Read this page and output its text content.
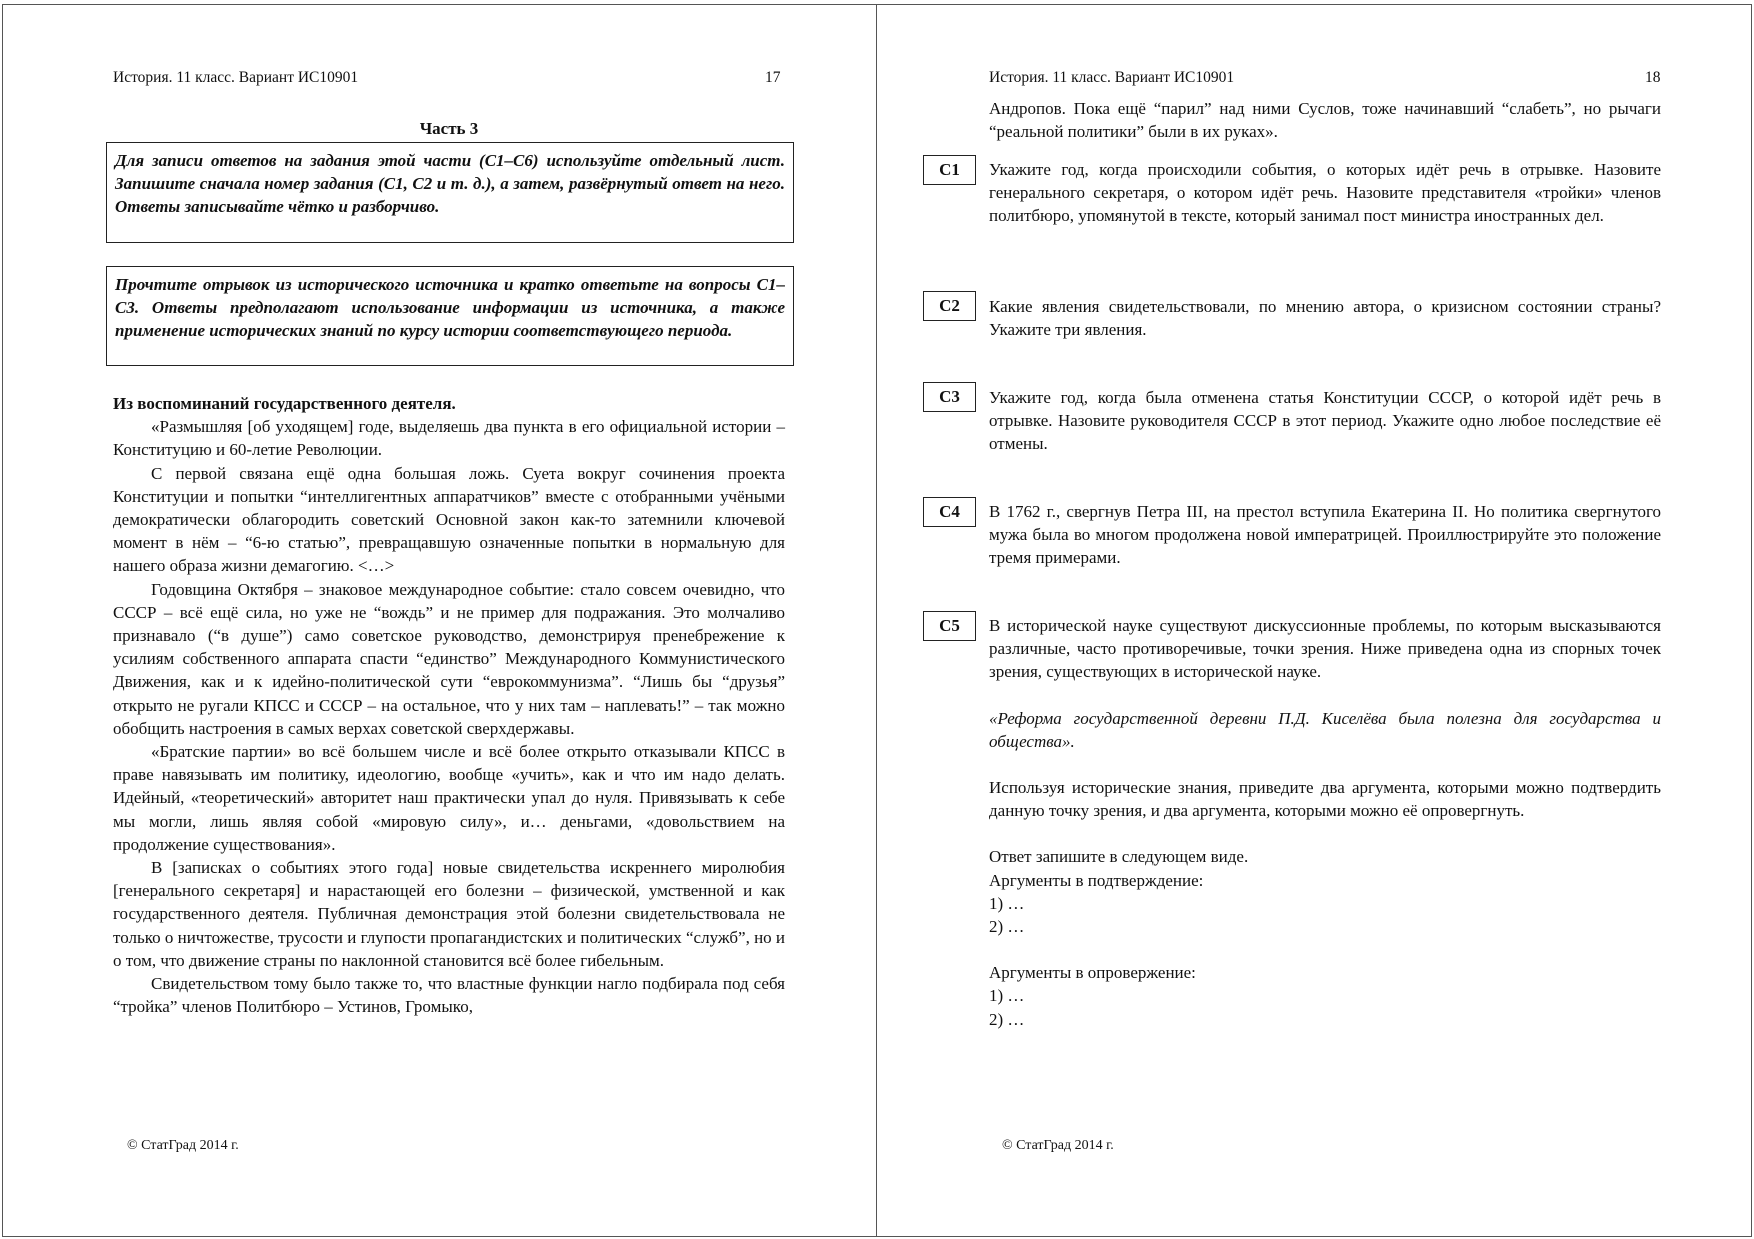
История. 11 класс. Вариант ИС10901	17
Часть 3
Для записи ответов на задания этой части (С1–С6) используйте отдельный лист. Запишите сначала номер задания (С1, С2 и т. д.), а затем, развёрнутый ответ на него. Ответы записывайте чётко и разборчиво.
Прочтите отрывок из исторического источника и кратко ответьте на вопросы С1–С3. Ответы предполагают использование информации из источника, а также применение исторических знаний по курсу истории соответствующего периода.

Из воспоминаний государственного деятеля.

«Размышляя [об уходящем] годе, выделяешь два пункта в его официальной истории – Конституцию и 60-летие Революции.

С первой связана ещё одна большая ложь. Суета вокруг сочинения проекта Конституции и попытки “интеллигентных аппаратчиков” вместе с отобранными учёными демократически облагородить советский Основной закон как-то затемнили ключевой момент в нём – “6-ю статью”, превращавшую означенные попытки в нормальную для нашего образа жизни демагогию. <…>

Годовщина Октября – знаковое международное событие: стало совсем очевидно, что СССР – всё ещё сила, но уже не “вождь” и не пример для подражания. Это молчаливо признавало (“в душе”) само советское руководство, демонстрируя пренебрежение к усилиям собственного аппарата спасти “единство” Международного Коммунистического Движения, как и к идейно-политической сути “еврокоммунизма”. “Лишь бы “друзья” открыто не ругали КПСС и СССР – на остальное, что у них там – наплевать!” – так можно обобщить настроения в самых верхах советской сверхдержавы.

«Братские партии» во всё большем числе и всё более открыто отказывали КПСС в праве навязывать им политику, идеологию, вообще «учить», как и что им надо делать. Идейный, «теоретический» авторитет наш практически упал до нуля. Привязывать к себе мы могли, лишь являя собой «мировую силу», и… деньгами, «довольствием на продолжение существования».

В [записках о событиях этого года] новые свидетельства искреннего миролюбия [генерального секретаря] и нарастающей его болезни – физической, умственной и как государственного деятеля. Публичная демонстрация этой болезни свидетельствовала не только о ничтожестве, трусости и глупости пропагандистских и политических “служб”, но и о том, что движение страны по наклонной становится всё более гибельным.

Свидетельством тому было также то, что властные функции нагло подбирала под себя “тройка” членов Политбюро – Устинов, Громыко,

© СтатГрад 2014 г.
История. 11 класс. Вариант ИС10901	18
Андропов. Пока ещё “парил” над ними Суслов, тоже начинавший “слабеть”, но рычаги “реальной политики” были в их руках».
С1	Укажите год, когда происходили события, о которых идёт речь в отрывке. Назовите генерального секретаря, о котором идёт речь. Назовите представителя «тройки» членов политбюро, упомянутой в тексте, который занимал пост министра иностранных дел.
С2	Какие явления свидетельствовали, по мнению автора, о кризисном состоянии страны? Укажите три явления.
С3	Укажите год, когда была отменена статья Конституции СССР, о которой идёт речь в отрывке. Назовите руководителя СССР в этот период. Укажите одно любое последствие её отмены.
С4	В 1762 г., свергнув Петра III, на престол вступила Екатерина II. Но политика свергнутого мужа была во многом продолжена новой императрицей. Проиллюстрируйте это положение тремя примерами.
С5	В исторической науке существуют дискуссионные проблемы, по которым высказываются различные, часто противоречивые, точки зрения. Ниже приведена одна из спорных точек зрения, существующих в исторической науке.

«Реформа государственной деревни П.Д. Киселёва была полезна для государства и общества».

Используя исторические знания, приведите два аргумента, которыми можно подтвердить данную точку зрения, и два аргумента, которыми можно её опровергнуть.

Ответ запишите в следующем виде.

Аргументы в подтверждение:

1) …

2) …

Аргументы в опровержение:

1) …

2) …

© СтатГрад 2014 г.
